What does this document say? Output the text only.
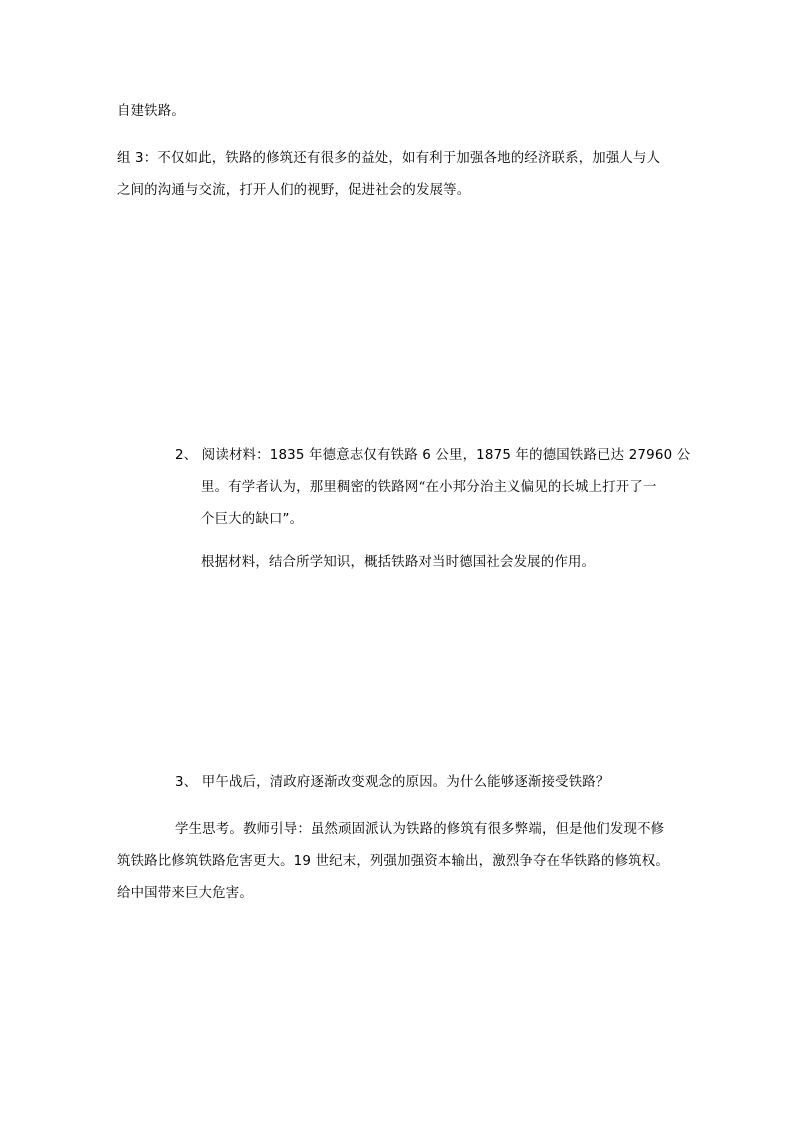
自建铁路。
组 3：不仅如此，铁路的修筑还有很多的益处，如有利于加强各地的经济联系，加强人与人
之间的沟通与交流，打开人们的视野，促进社会的发展等。
2、 阅读材料：1835 年德意志仅有铁路 6 公里，1875 年的德国铁路已达 27960 公
里。有学者认为，那里稠密的铁路网“在小邦分治主义偏见的长城上打开了一
个巨大的缺口”。
根据材料，结合所学知识，概括铁路对当时德国社会发展的作用。
3、 甲午战后，清政府逐渐改变观念的原因。为什么能够逐渐接受铁路？
学生思考。教师引导：虽然顽固派认为铁路的修筑有很多弊端，但是他们发现不修
筑铁路比修筑铁路危害更大。19 世纪末，列强加强资本输出，激烈争夺在华铁路的修筑权。
给中国带来巨大危害。
